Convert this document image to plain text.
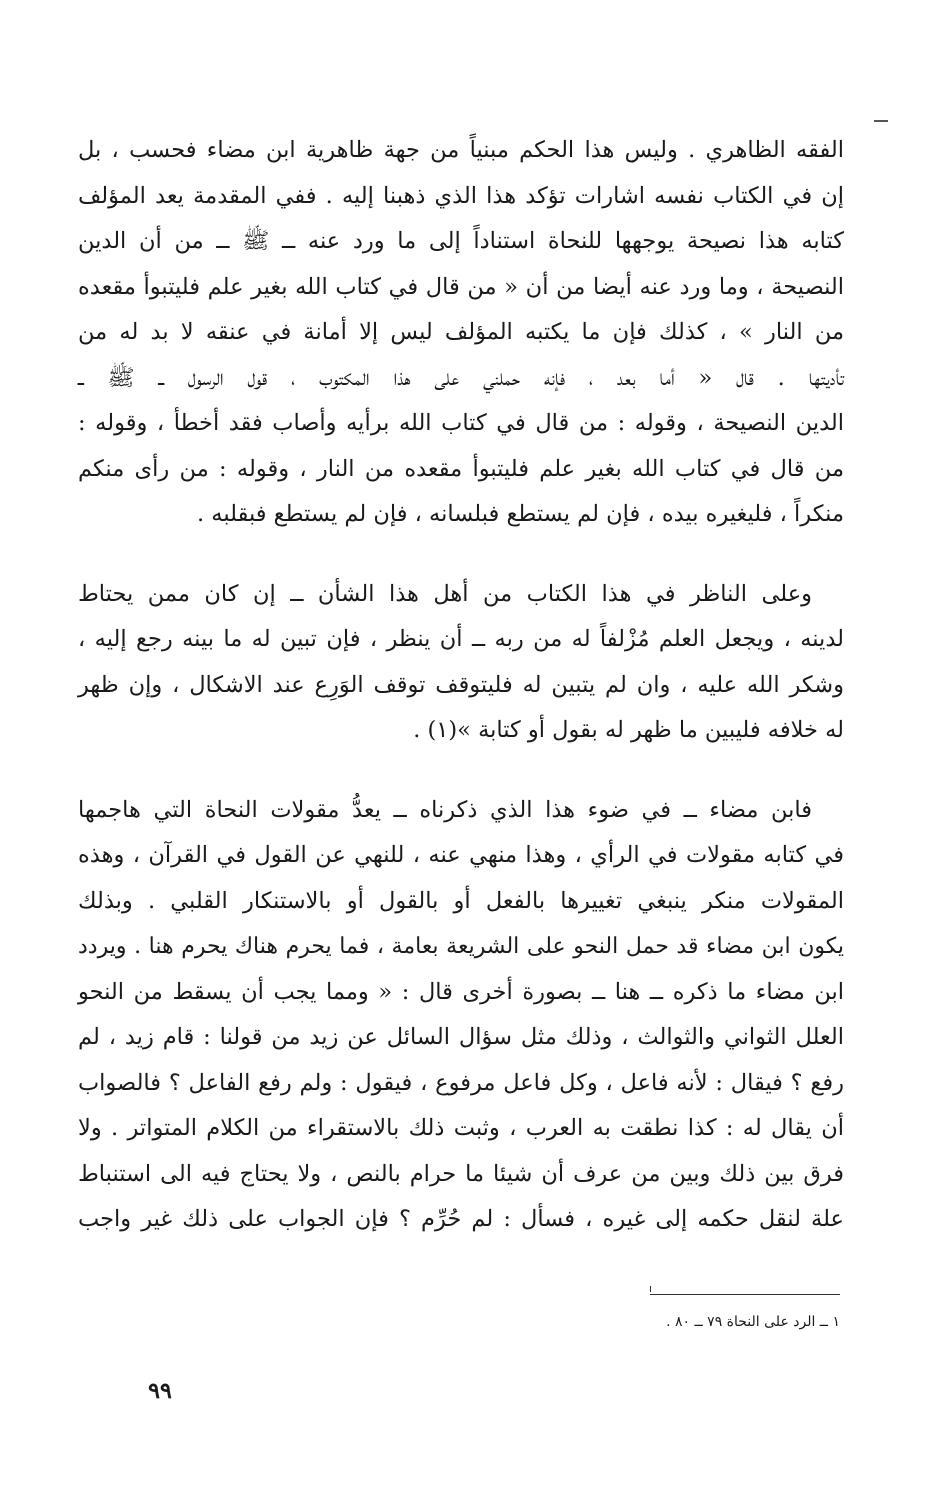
الفقه الظاهري . وليس هذا الحكم مبنياً من جهة ظاهرية ابن مضاء فحسب ، بل
إن في الكتاب نفسه اشارات تؤكد هذا الذي ذهبنا إليه . ففي المقدمة يعد المؤلف
كتابه هذا نصيحة يوجهها للنحاة استناداً إلى ما ورد عنه ــ ﷺ ــ من أن الدين
النصيحة ، وما ورد عنه أيضا من أن « من قال في كتاب الله بغير علم فليتبوأ مقعده
من النار » ، كذلك فإن ما يكتبه المؤلف ليس إلا أمانة في عنقه لا بد له من
تأديتها . قال « أما بعد ، فإنه حملني على هذا المكتوب ، قول الرسول ــ ﷺ ــ
الدين النصيحة ، وقوله : من قال في كتاب الله برأيه وأصاب فقد أخطأ ، وقوله :
من قال في كتاب الله بغير علم فليتبوأ مقعده من النار ، وقوله : من رأى منكم
منكراً ، فليغيره بيده ، فإن لم يستطع فبلسانه ، فإن لم يستطع فبقلبه .

وعلى الناظر في هذا الكتاب من أهل هذا الشأن ــ إن كان ممن يحتاط
لدينه ، ويجعل العلم مُزْلفاً له من ربه ــ أن ينظر ، فإن تبين له ما بينه رجع إليه ،
وشكر الله عليه ، وان لم يتبين له فليتوقف توقف الوَرِع عند الاشكال ، وإن ظهر
له خلافه فليبين ما ظهر له بقول أو كتابة »(١) .

فابن مضاء ــ في ضوء هذا الذي ذكرناه ــ يعدُّ مقولات النحاة التي هاجمها
في كتابه مقولات في الرأي ، وهذا منهي عنه ، للنهي عن القول في القرآن ، وهذه
المقولات منكر ينبغي تغييرها بالفعل أو بالقول أو بالاستنكار القلبي . وبذلك
يكون ابن مضاء قد حمل النحو على الشريعة بعامة ، فما يحرم هناك يحرم هنا . ويردد
ابن مضاء ما ذكره ــ هنا ــ بصورة أخرى قال : « ومما يجب أن يسقط من النحو
العلل الثواني والثوالث ، وذلك مثل سؤال السائل عن زيد من قولنا : قام زيد ، لم
رفع ؟ فيقال : لأنه فاعل ، وكل فاعل مرفوع ، فيقول : ولم رفع الفاعل ؟ فالصواب
أن يقال له : كذا نطقت به العرب ، وثبت ذلك بالاستقراء من الكلام المتواتر . ولا
فرق بين ذلك وبين من عرف أن شيئا ما حرام بالنص ، ولا يحتاج فيه الى استنباط
علة لنقل حكمه إلى غيره ، فسأل : لم حُرِّم ؟ فإن الجواب على ذلك غير واجب

١ ــ الرد على النحاة ٧٩ ــ ٨٠ .
٩٩
